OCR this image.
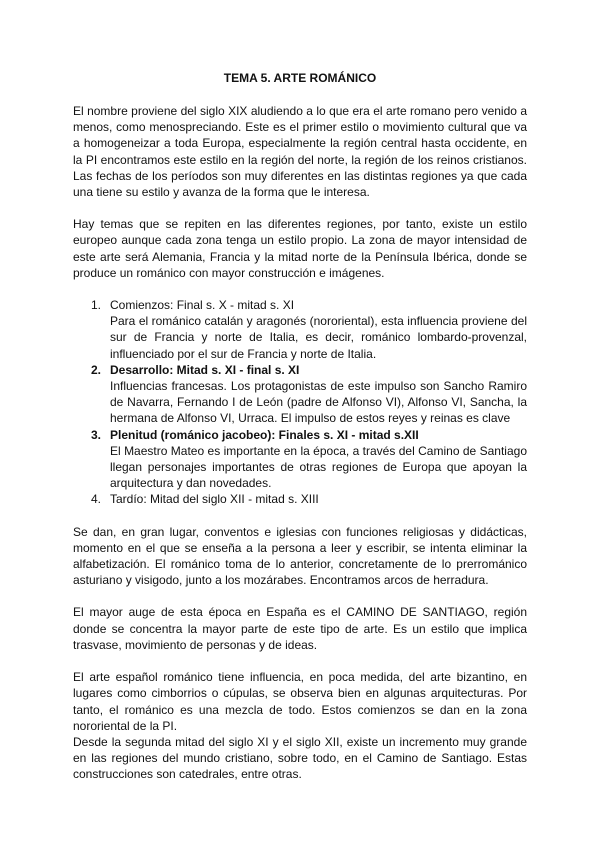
TEMA 5. ARTE ROMÁNICO

El nombre proviene del siglo XIX aludiendo a lo que era el arte romano pero venido a menos, como menospreciando. Este es el primer estilo o movimiento cultural que va a homogeneizar a toda Europa, especialmente la región central hasta occidente, en la PI encontramos este estilo en la región del norte, la región de los reinos cristianos. Las fechas de los períodos son muy diferentes en las distintas regiones ya que cada una tiene su estilo y avanza de la forma que le interesa.

Hay temas que se repiten en las diferentes regiones, por tanto, existe un estilo europeo aunque cada zona tenga un estilo propio. La zona de mayor intensidad de este arte será Alemania, Francia y la mitad norte de la Península Ibérica, donde se produce un románico con mayor construcción e imágenes.

1. Comienzos: Final s. X - mitad s. XI
Para el románico catalán y aragonés (nororiental), esta influencia proviene del sur de Francia y norte de Italia, es decir, románico lombardo-provenzal, influenciado por el sur de Francia y norte de Italia.
2. Desarrollo: Mitad s. XI - final s. XI
Influencias francesas. Los protagonistas de este impulso son Sancho Ramiro de Navarra, Fernando I de León (padre de Alfonso VI), Alfonso VI, Sancha, la hermana de Alfonso VI, Urraca. El impulso de estos reyes y reinas es clave
3. Plenitud (románico jacobeo): Finales s. XI - mitad s.XII
El Maestro Mateo es importante en la época, a través del Camino de Santiago llegan personajes importantes de otras regiones de Europa que apoyan la arquitectura y dan novedades.
4. Tardío: Mitad del siglo XII - mitad s. XIII

Se dan, en gran lugar, conventos e iglesias con funciones religiosas y didácticas, momento en el que se enseña a la persona a leer y escribir, se intenta eliminar la alfabetización. El románico toma de lo anterior, concretamente de lo prerrománico asturiano y visigodo, junto a los mozárabes. Encontramos arcos de herradura.

El mayor auge de esta época en España es el CAMINO DE SANTIAGO, región donde se concentra la mayor parte de este tipo de arte. Es un estilo que implica trasvase, movimiento de personas y de ideas.

El arte español románico tiene influencia, en poca medida, del arte bizantino, en lugares como cimborrios o cúpulas, se observa bien en algunas arquitecturas. Por tanto, el románico es una mezcla de todo. Estos comienzos se dan en la zona nororiental de la PI.

Desde la segunda mitad del siglo XI y el siglo XII, existe un incremento muy grande en las regiones del mundo cristiano, sobre todo, en el Camino de Santiago. Estas construcciones son catedrales, entre otras.
